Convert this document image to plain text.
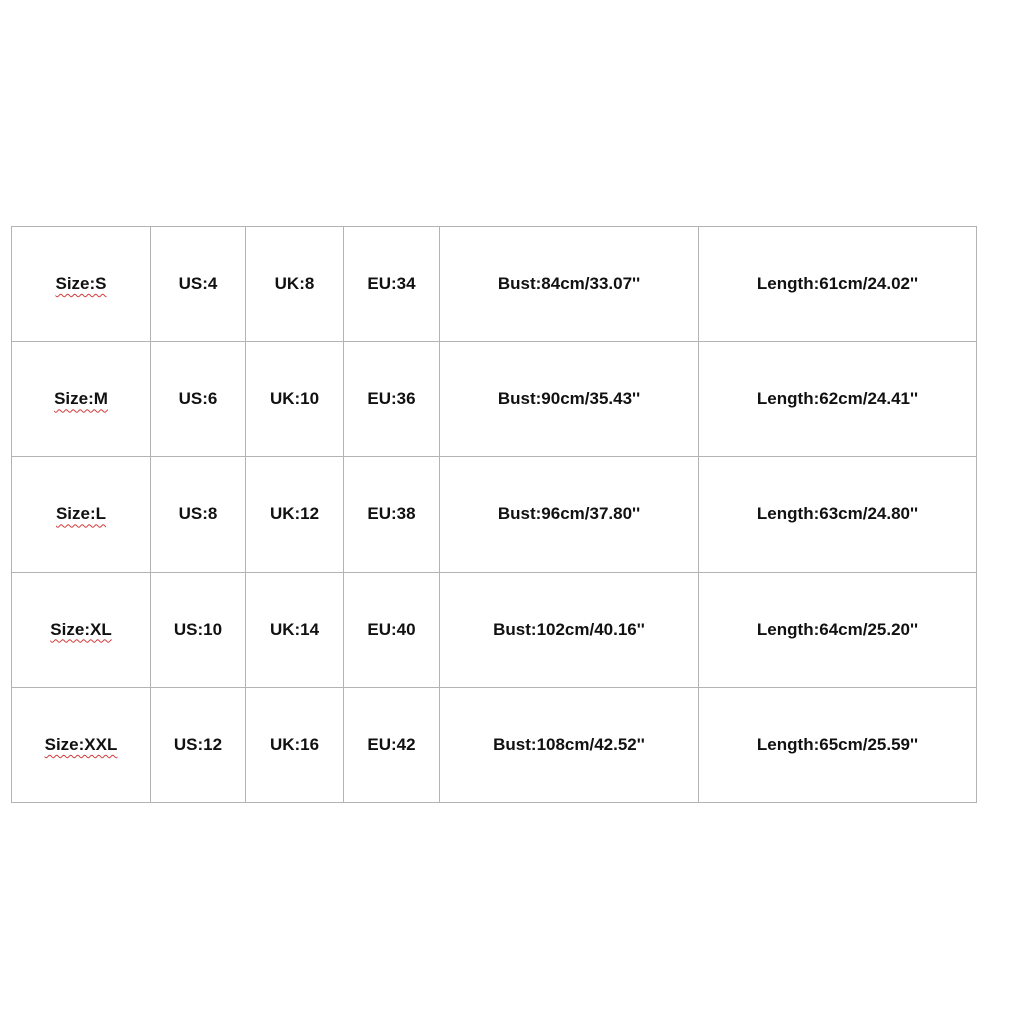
Size:S	US:4	UK:8	EU:34	Bust:84cm/33.07''	Length:61cm/24.02''
Size:M	US:6	UK:10	EU:36	Bust:90cm/35.43''	Length:62cm/24.41''
Size:L	US:8	UK:12	EU:38	Bust:96cm/37.80''	Length:63cm/24.80''
Size:XL	US:10	UK:14	EU:40	Bust:102cm/40.16''	Length:64cm/25.20''
Size:XXL	US:12	UK:16	EU:42	Bust:108cm/42.52''	Length:65cm/25.59''
